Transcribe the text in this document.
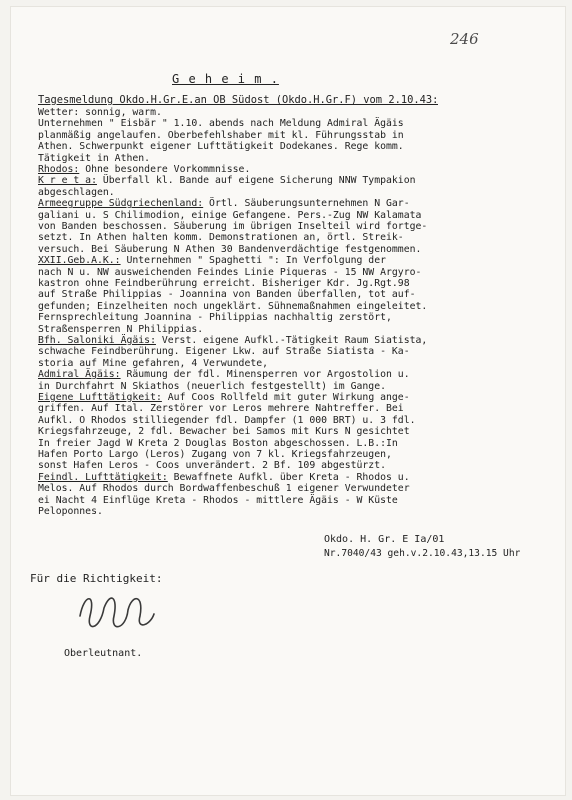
246
G e h e i m .
Tagesmeldung Okdo.H.Gr.E.an OB Südost (Okdo.H.Gr.F) vom 2.10.43:
Wetter: sonnig, warm.
Unternehmen " Eisbär " 1.10. abends nach Meldung Admiral Ägäis
planmäßig angelaufen. Oberbefehlshaber mit kl. Führungsstab in
Athen. Schwerpunkt eigener Lufttätigkeit Dodekanes. Rege komm.
Tätigkeit in Athen.
Rhodos: Ohne besondere Vorkommnisse.
K r e t a: Überfall kl. Bande auf eigene Sicherung NNW Tympakion
abgeschlagen.
Armeegruppe Südgriechenland: Örtl. Säuberungsunternehmen N Gar-
galiani u. S Chilimodion, einige Gefangene. Pers.-Zug NW Kalamata
von Banden beschossen. Säuberung im übrigen Inselteil wird fortge-
setzt. In Athen halten komm. Demonstrationen an, örtl. Streik-
versuch. Bei Säuberung N Athen 30 Bandenverdächtige festgenommen.
XXII.Geb.A.K.: Unternehmen " Spaghetti ": In Verfolgung der
nach N u. NW ausweichenden Feindes Linie Piqueras - 15 NW Argyro-
kastron ohne Feindberührung erreicht. Bisheriger Kdr. Jg.Rgt.98
auf Straße Philippias - Joannina von Banden überfallen, tot auf-
gefunden; Einzelheiten noch ungeklärt. Sühnemaßnahmen eingeleitet.
Fernsprechleitung Joannina - Philippias nachhaltig zerstört,
Straßensperren N Philippias.
Bfh. Saloniki Ägäis: Verst. eigene Aufkl.-Tätigkeit Raum Siatista,
schwache Feindberührung. Eigener Lkw. auf Straße Siatista - Ka-
storia auf Mine gefahren, 4 Verwundete,
Admiral Ägäis: Räumung der fdl. Minensperren vor Argostolion u.
in Durchfahrt N Skiathos (neuerlich festgestellt) im Gange.
Eigene Lufttätigkeit: Auf Coos Rollfeld mit guter Wirkung ange-
griffen. Auf Ital. Zerstörer vor Leros mehrere Nahtreffer. Bei
Aufkl. O Rhodos stilliegender fdl. Dampfer (1 000 BRT) u. 3 fdl.
Kriegsfahrzeuge, 2 fdl. Bewacher bei Samos mit Kurs N gesichtet
In freier Jagd W Kreta 2 Douglas Boston abgeschossen. L.B.:In
Hafen Porto Largo (Leros) Zugang von 7 kl. Kriegsfahrzeugen,
sonst Hafen Leros - Coos unverändert. 2 Bf. 109 abgestürzt.
Feindl. Lufttätigkeit: Bewaffnete Aufkl. über Kreta - Rhodos u.
Melos. Auf Rhodos durch Bordwaffenbeschuß 1 eigener Verwundeter
ei Nacht 4 Einflüge Kreta - Rhodos - mittlere Ägäis - W Küste
Peloponnes.
Okdo. H. Gr. E Ia/01
Nr.7040/43 geh.v.2.10.43,13.15 Uhr
Für die Richtigkeit:
Oberleutnant.
